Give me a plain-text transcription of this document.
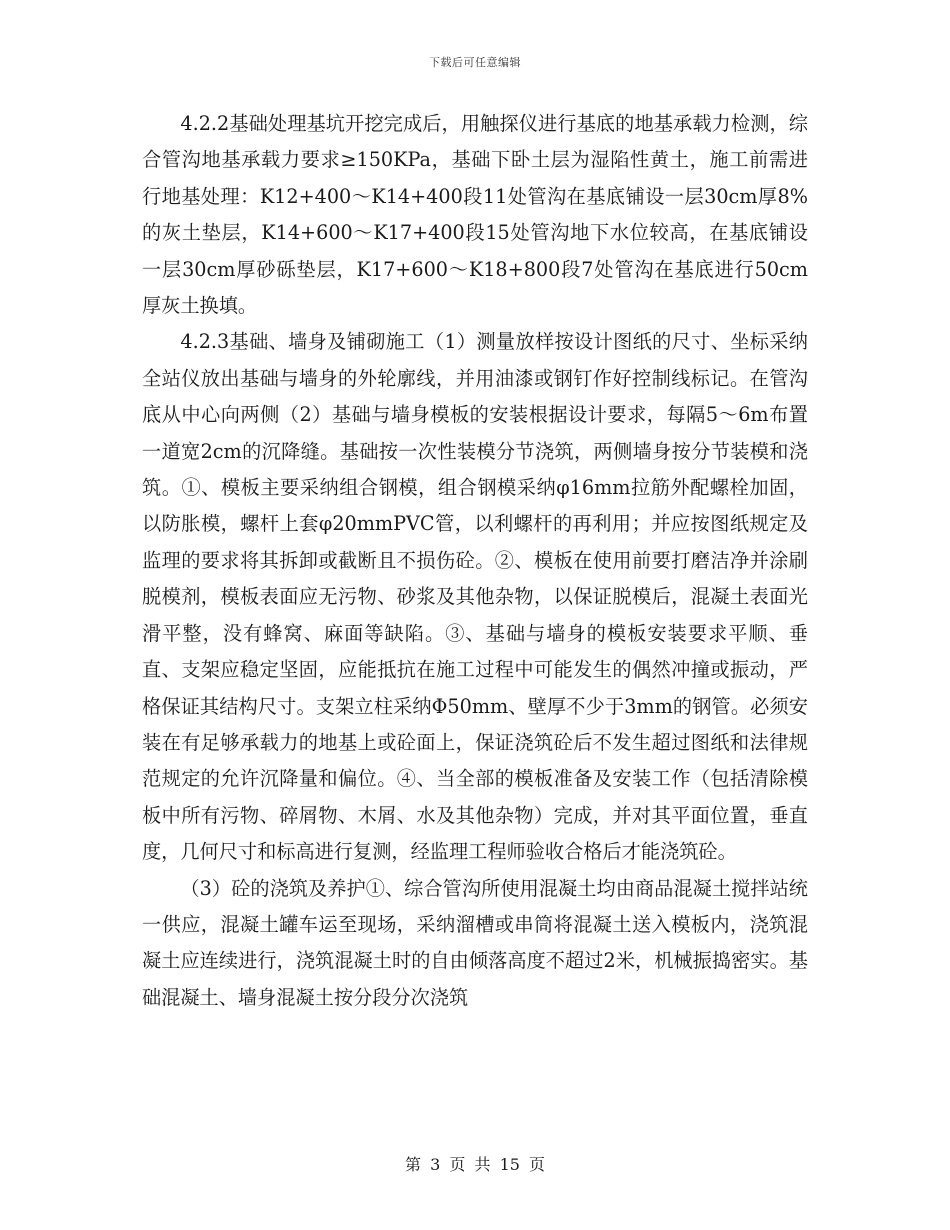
下载后可任意编辑

4.2.2基础处理基坑开挖完成后，用触探仪进行基底的地基承载力检测，综合管沟地基承载力要求≥150KPa，基础下卧土层为湿陷性黄土，施工前需进行地基处理：K12+400～K14+400段11处管沟在基底铺设一层30cm厚8%的灰土垫层，K14+600～K17+400段15处管沟地下水位较高，在基底铺设一层30cm厚砂砾垫层，K17+600～K18+800段7处管沟在基底进行50cm厚灰土换填。

4.2.3基础、墙身及铺砌施工（1）测量放样按设计图纸的尺寸、坐标采纳全站仪放出基础与墙身的外轮廓线，并用油漆或钢钉作好控制线标记。在管沟底从中心向两侧（2）基础与墙身模板的安装根据设计要求，每隔5～6m布置一道宽2cm的沉降缝。基础按一次性装模分节浇筑，两侧墙身按分节装模和浇筑。①、模板主要采纳组合钢模，组合钢模采纳φ16mm拉筋外配螺栓加固，以防胀模，螺杆上套φ20mmPVC管，以利螺杆的再利用；并应按图纸规定及监理的要求将其拆卸或截断且不损伤砼。②、模板在使用前要打磨洁净并涂刷脱模剂，模板表面应无污物、砂浆及其他杂物，以保证脱模后，混凝土表面光滑平整，没有蜂窝、麻面等缺陷。③、基础与墙身的模板安装要求平顺、垂直、支架应稳定坚固，应能抵抗在施工过程中可能发生的偶然冲撞或振动，严格保证其结构尺寸。支架立柱采纳Φ50mm、壁厚不少于3mm的钢管。必须安装在有足够承载力的地基上或砼面上，保证浇筑砼后不发生超过图纸和法律规范规定的允许沉降量和偏位。④、当全部的模板准备及安装工作（包括清除模板中所有污物、碎屑物、木屑、水及其他杂物）完成，并对其平面位置，垂直度，几何尺寸和标高进行复测，经监理工程师验收合格后才能浇筑砼。

（3）砼的浇筑及养护①、综合管沟所使用混凝土均由商品混凝土搅拌站统一供应，混凝土罐车运至现场，采纳溜槽或串筒将混凝土送入模板内，浇筑混凝土应连续进行，浇筑混凝土时的自由倾落高度不超过2米，机械振捣密实。基础混凝土、墙身混凝土按分段分次浇筑

第 3 页 共 15 页
